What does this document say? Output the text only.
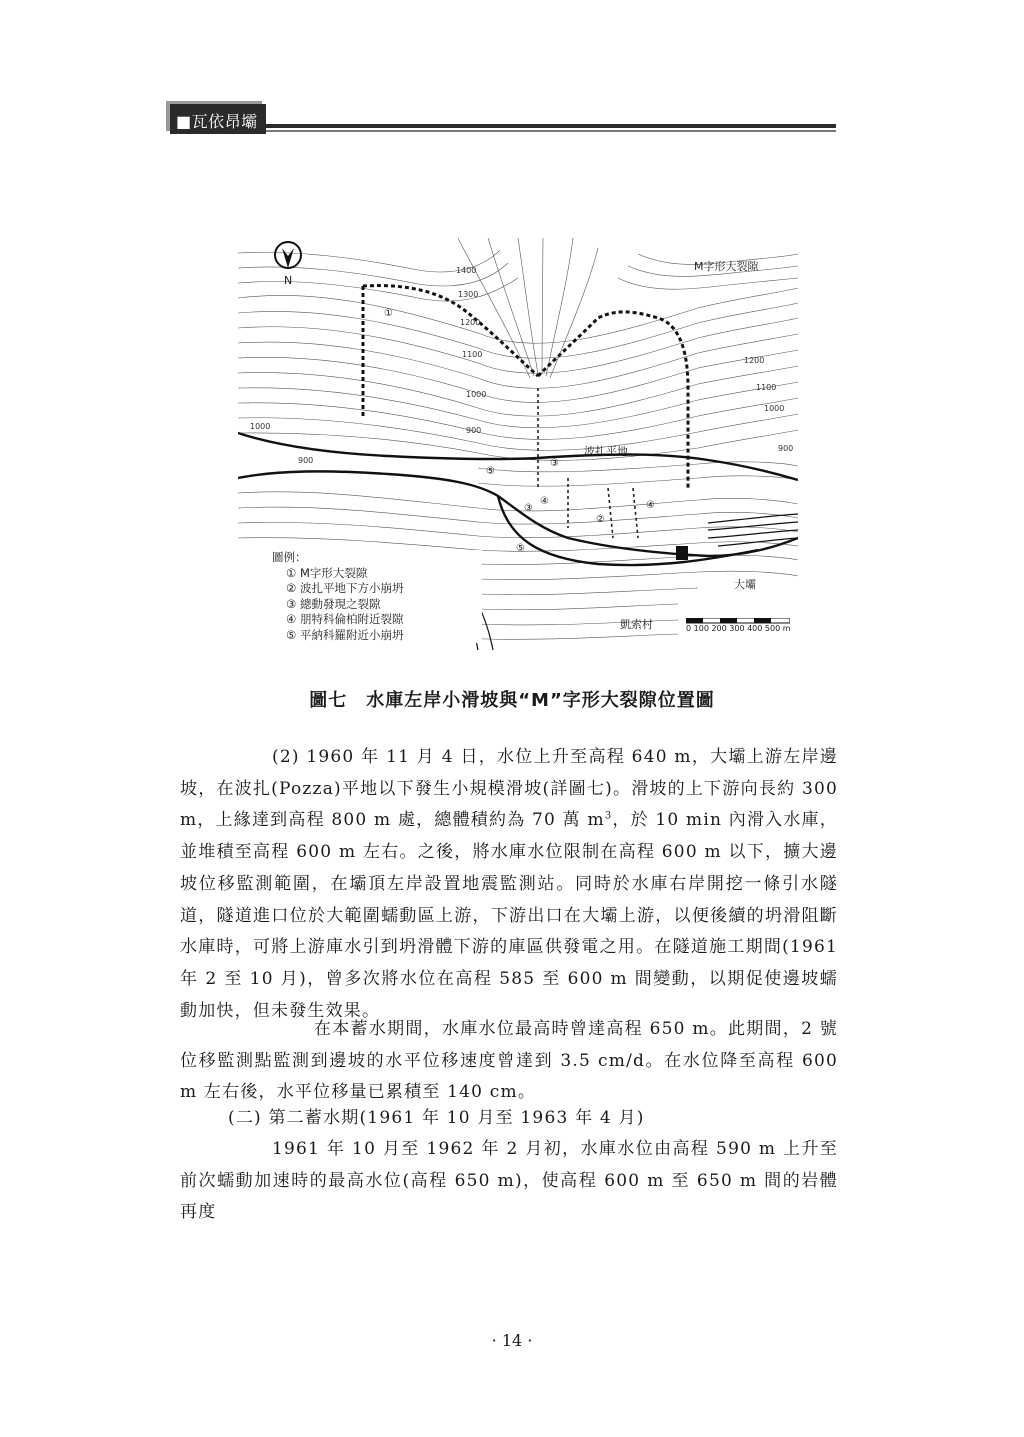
■瓦依昂壩
N
M字形大裂隙
波扎平地
大壩
凱索村
1400
1300
1200
1100
1000
900
1200
1100
1000
900
1000
900
①
⑤
③
③
④
⑤
②
④
圖例：
① M字形大裂隙
② 波扎平地下方小崩坍
③ 總動發現之裂隙
④ 朋特科倫柏附近裂隙
⑤ 平納科羅附近小崩坍	0 100 200 300 400 500 m
圖七　水庫左岸小滑坡與“M”字形大裂隙位置圖
(2) 1960 年 11 月 4 日，水位上升至高程 640 m，大壩上游左岸邊坡，在波扎(Pozza)平地以下發生小規模滑坡(詳圖七)。滑坡的上下游向長約 300 m，上緣達到高程 800 m 處，總體積約為 70 萬 $m^3$，於 10 min 內滑入水庫，並堆積至高程 600 m 左右。之後，將水庫水位限制在高程 600 m 以下，擴大邊坡位移監測範圍，在壩頂左岸設置地震監測站。同時於水庫右岸開挖一條引水隧道，隧道進口位於大範圍蠕動區上游，下游出口在大壩上游，以便後續的坍滑阻斷水庫時，可將上游庫水引到坍滑體下游的庫區供發電之用。在隧道施工期間(1961 年 2 至 10 月)，曾多次將水位在高程 585 至 600 m 間變動，以期促使邊坡蠕動加快，但未發生效果。
在本蓄水期間，水庫水位最高時曾達高程 650 m。此期間，2 號位移監測點監測到邊坡的水平位移速度曾達到 3.5 cm/d。在水位降至高程 600 m 左右後，水平位移量已累積至 140 cm。
(二) 第二蓄水期(1961 年 10 月至 1963 年 4 月)
1961 年 10 月至 1962 年 2 月初，水庫水位由高程 590 m 上升至前次蠕動加速時的最高水位(高程 650 m)，使高程 600 m 至 650 m 間的岩體再度
· 14 ·
